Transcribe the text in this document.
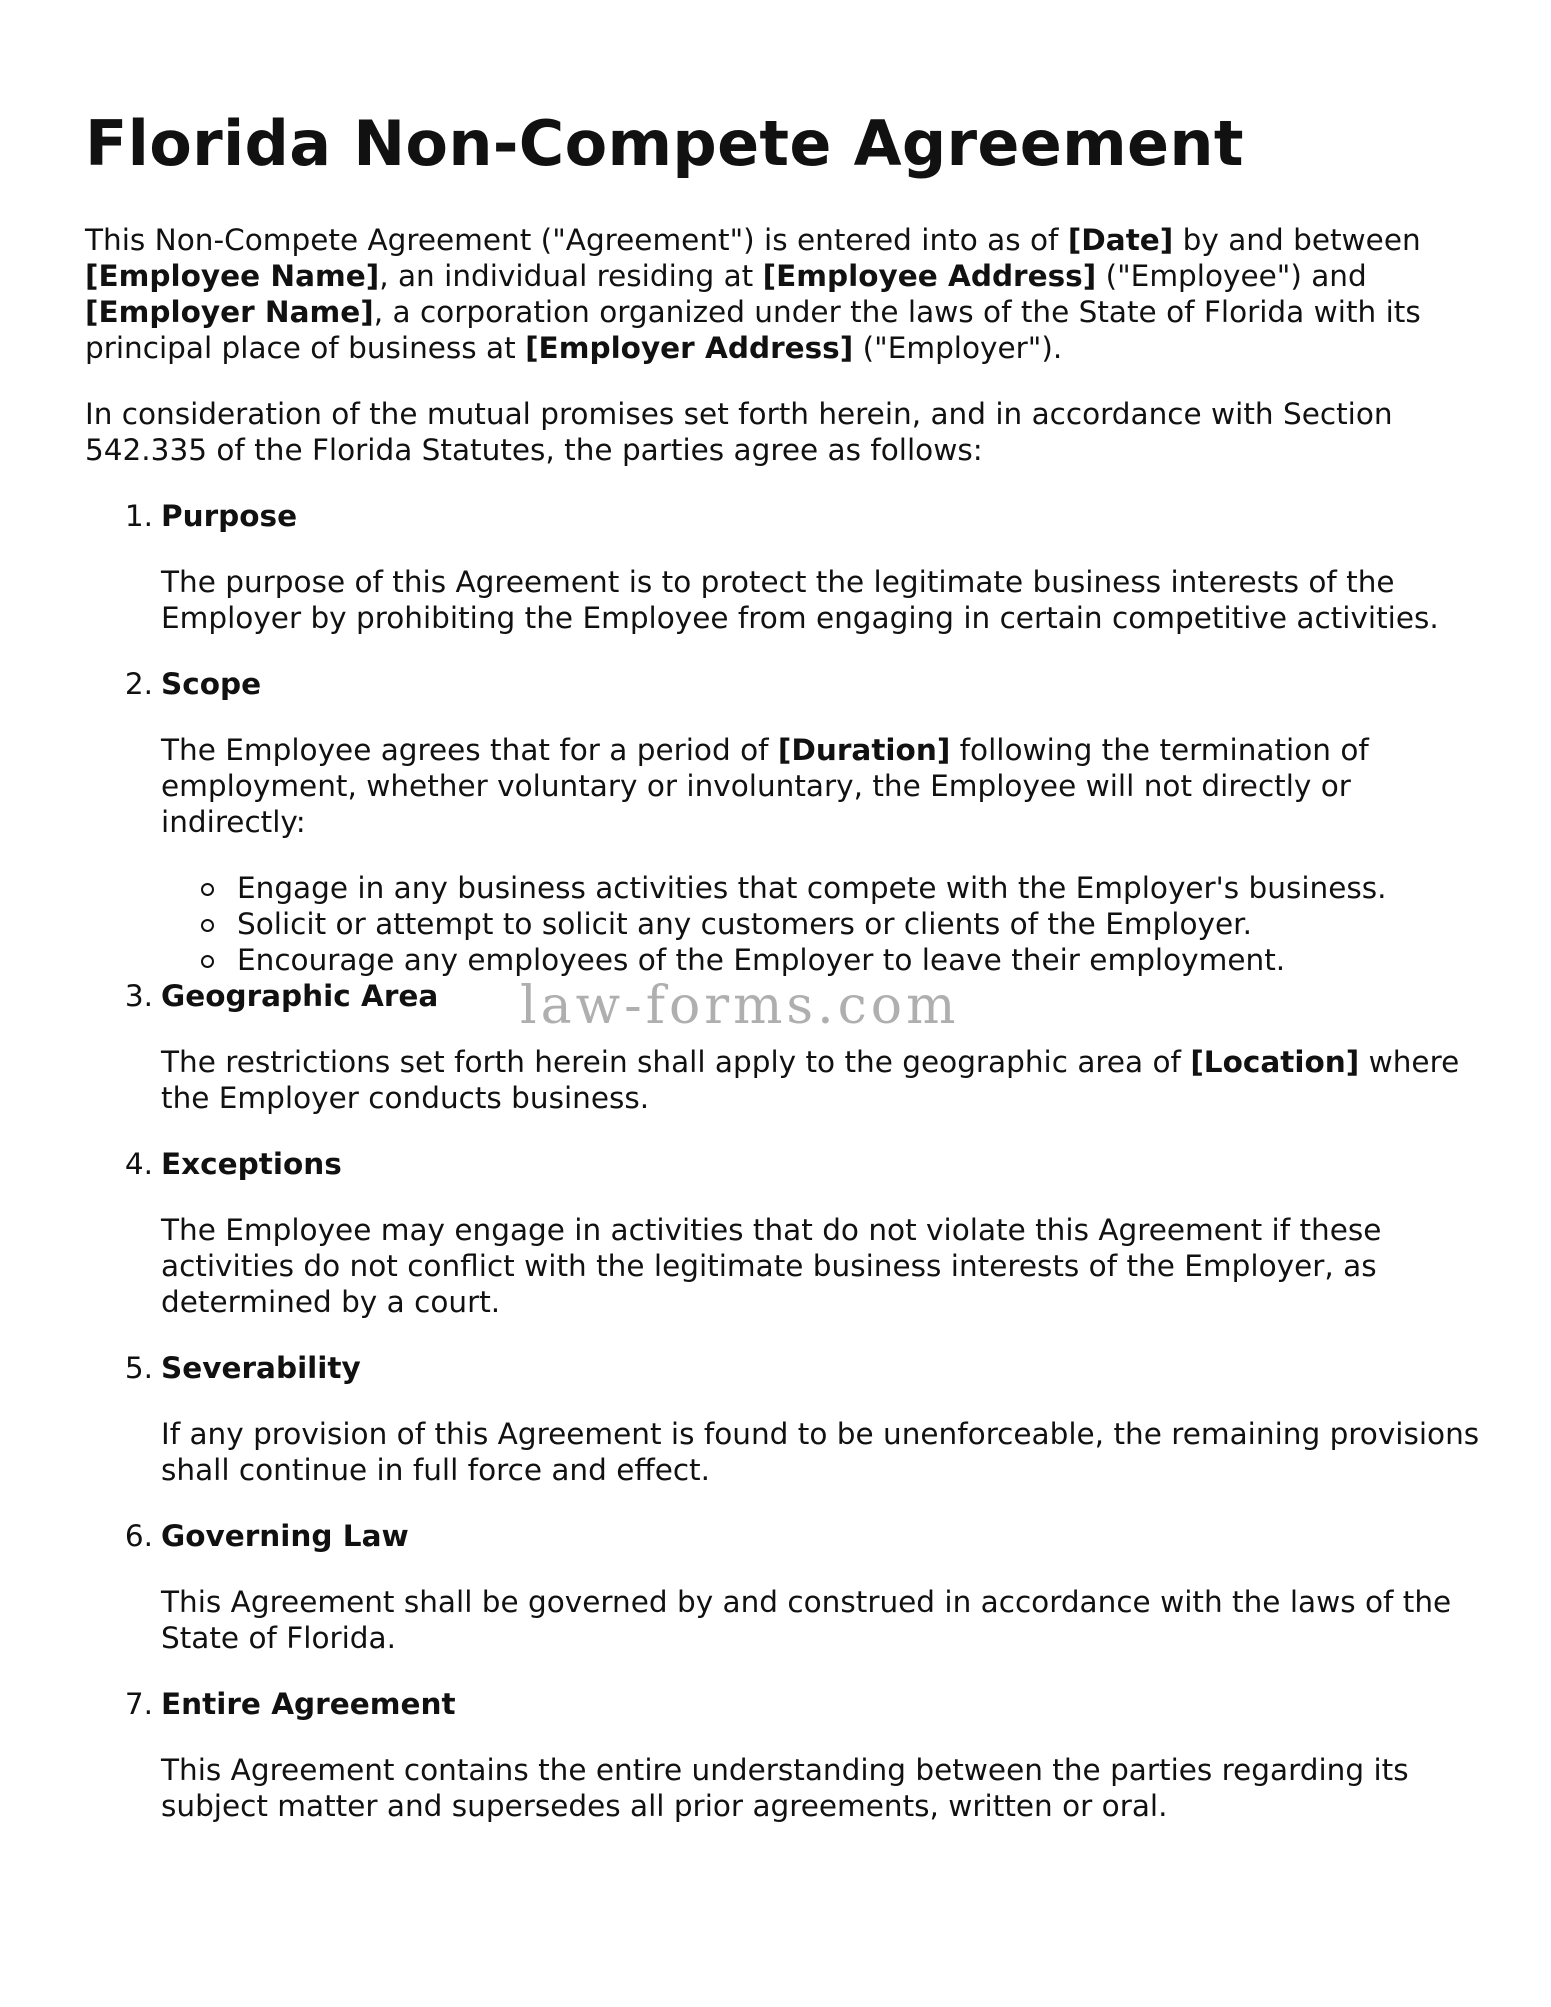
Florida Non-Compete Agreement

This Non-Compete Agreement ("Agreement") is entered into as of [Date] by and between
[Employee Name], an individual residing at [Employee Address] ("Employee") and
[Employer Name], a corporation organized under the laws of the State of Florida with its principal place of business at [Employer Address] ("Employer").

In consideration of the mutual promises set forth herein, and in accordance with Section 542.335 of the Florida Statutes, the parties agree as follows:

1. Purpose

The purpose of this Agreement is to protect the legitimate business interests of the Employer by prohibiting the Employee from engaging in certain competitive activities.

2. Scope

The Employee agrees that for a period of [Duration] following the termination of employment, whether voluntary or involuntary, the Employee will not directly or indirectly:

Engage in any business activities that compete with the Employer's business.
Solicit or attempt to solicit any customers or clients of the Employer.
Encourage any employees of the Employer to leave their employment.
3. Geographic Area

The restrictions set forth herein shall apply to the geographic area of [Location] where the Employer conducts business.

4. Exceptions

The Employee may engage in activities that do not violate this Agreement if these activities do not conflict with the legitimate business interests of the Employer, as determined by a court.

5. Severability

If any provision of this Agreement is found to be unenforceable, the remaining provisions shall continue in full force and effect.

6. Governing Law

This Agreement shall be governed by and construed in accordance with the laws of the State of Florida.

7. Entire Agreement

This Agreement contains the entire understanding between the parties regarding its subject matter and supersedes all prior agreements, written or oral.

law-forms.com
